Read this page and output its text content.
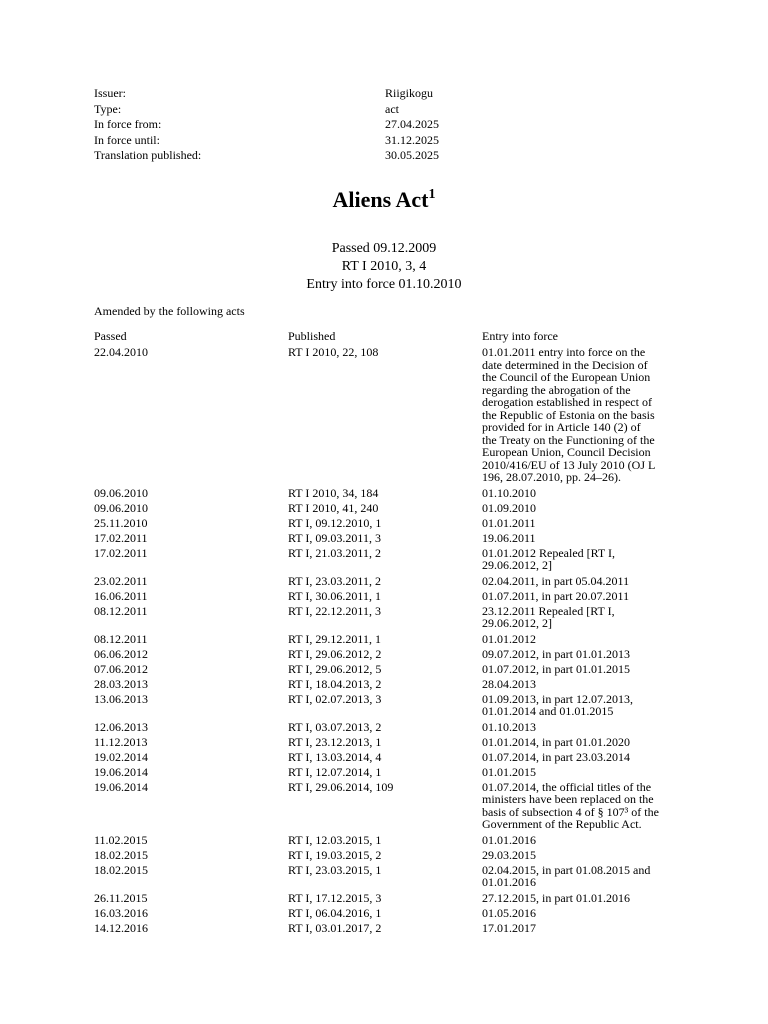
Issuer:	Riigikogu
Type:	act
In force from:	27.04.2025
In force until:	31.12.2025
Translation published:	30.05.2025
Aliens Act$^1$
Passed 09.12.2009
RT I 2010, 3, 4
Entry into force 01.10.2010
Amended by the following acts
Passed	Published	Entry into force
22.04.2010	RT I 2010, 22, 108	01.01.2011 entry into force on the
date determined in the Decision of
the Council of the European Union
regarding the abrogation of the
derogation established in respect of
the Republic of Estonia on the basis
provided for in Article 140 (2) of
the Treaty on the Functioning of the
European Union, Council Decision
2010/416/EU of 13 July 2010 (OJ L
196, 28.07.2010, pp. 24–26).
09.06.2010	RT I 2010, 34, 184	01.10.2010
09.06.2010	RT I 2010, 41, 240	01.09.2010
25.11.2010	RT I, 09.12.2010, 1	01.01.2011
17.02.2011	RT I, 09.03.2011, 3	19.06.2011
17.02.2011	RT I, 21.03.2011, 2	01.01.2012 Repealed [RT I,
29.06.2012, 2]
23.02.2011	RT I, 23.03.2011, 2	02.04.2011, in part 05.04.2011
16.06.2011	RT I, 30.06.2011, 1	01.07.2011, in part 20.07.2011
08.12.2011	RT I, 22.12.2011, 3	23.12.2011 Repealed [RT I,
29.06.2012, 2]
08.12.2011	RT I, 29.12.2011, 1	01.01.2012
06.06.2012	RT I, 29.06.2012, 2	09.07.2012, in part 01.01.2013
07.06.2012	RT I, 29.06.2012, 5	01.07.2012, in part 01.01.2015
28.03.2013	RT I, 18.04.2013, 2	28.04.2013
13.06.2013	RT I, 02.07.2013, 3	01.09.2013, in part 12.07.2013,
01.01.2014 and 01.01.2015
12.06.2013	RT I, 03.07.2013, 2	01.10.2013
11.12.2013	RT I, 23.12.2013, 1	01.01.2014, in part 01.01.2020
19.02.2014	RT I, 13.03.2014, 4	01.07.2014, in part 23.03.2014
19.06.2014	RT I, 12.07.2014, 1	01.01.2015
19.06.2014	RT I, 29.06.2014, 109	01.07.2014, the official titles of the
ministers have been replaced on the
basis of subsection 4 of § 107³ of the
Government of the Republic Act.
11.02.2015	RT I, 12.03.2015, 1	01.01.2016
18.02.2015	RT I, 19.03.2015, 2	29.03.2015
18.02.2015	RT I, 23.03.2015, 1	02.04.2015, in part 01.08.2015 and
01.01.2016
26.11.2015	RT I, 17.12.2015, 3	27.12.2015, in part 01.01.2016
16.03.2016	RT I, 06.04.2016, 1	01.05.2016
14.12.2016	RT I, 03.01.2017, 2	17.01.2017
